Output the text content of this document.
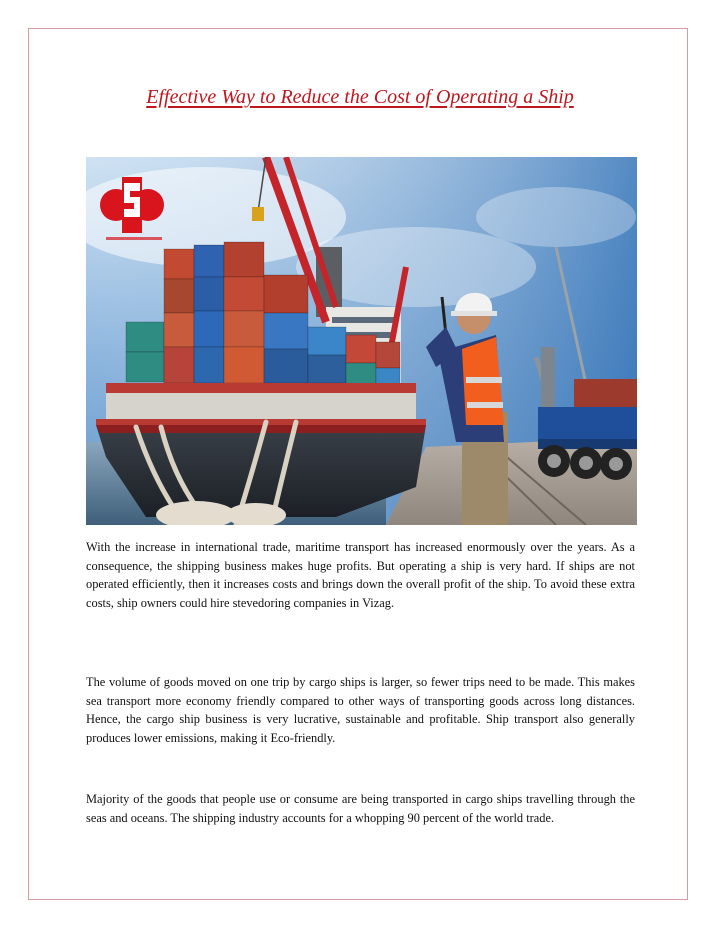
Effective Way to Reduce the Cost of Operating a Ship
With the increase in international trade, maritime transport has increased enormously over the years. As a consequence, the shipping business makes huge profits. But operating a ship is very hard. If ships are not operated efficiently, then it increases costs and brings down the overall profit of the ship. To avoid these extra costs, ship owners could hire stevedoring companies in Vizag.
The volume of goods moved on one trip by cargo ships is larger, so fewer trips need to be made. This makes sea transport more economy friendly compared to other ways of transporting goods across long distances. Hence, the cargo ship business is very lucrative, sustainable and profitable. Ship transport also generally produces lower emissions, making it Eco-friendly.
Majority of the goods that people use or consume are being transported in cargo ships travelling through the seas and oceans. The shipping industry accounts for a whopping 90 percent of the world trade.
